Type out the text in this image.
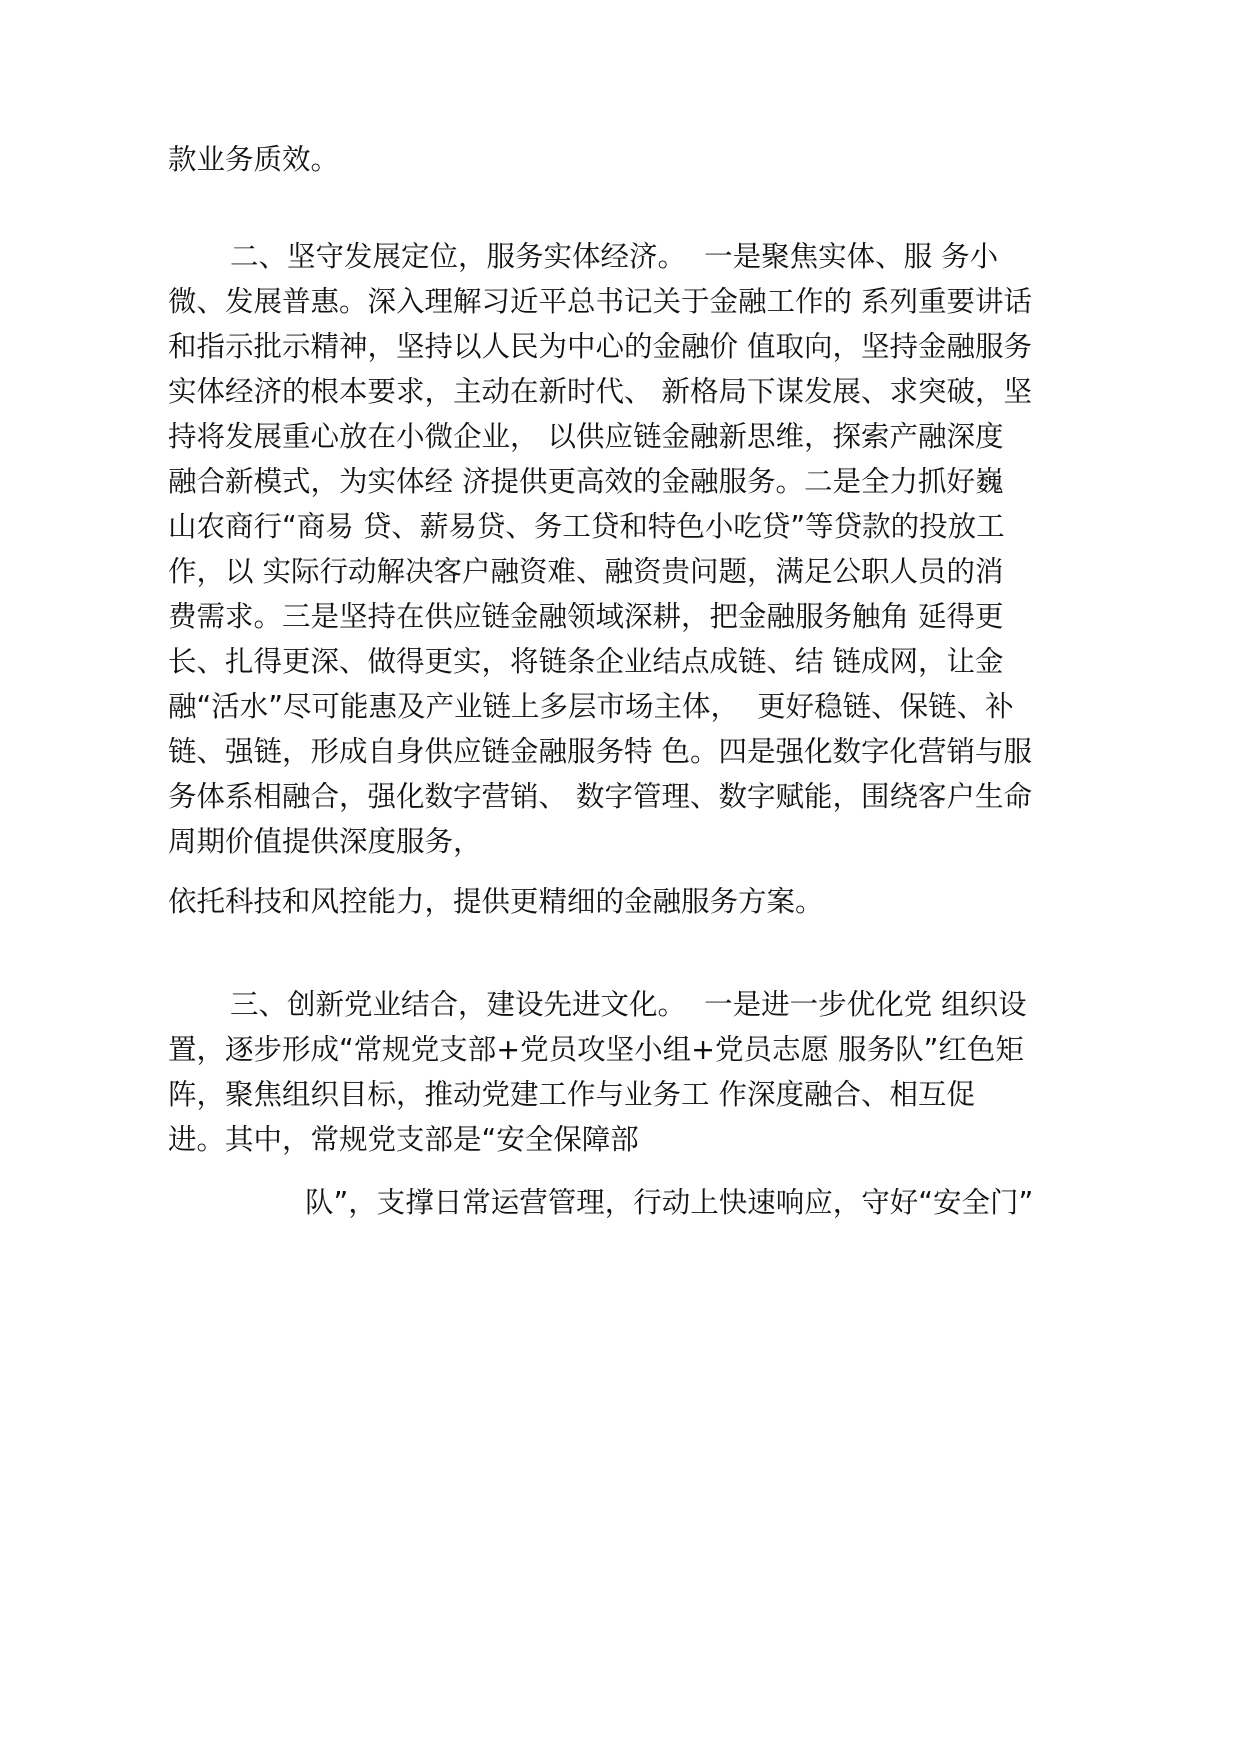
款业务质效。

二、坚守发展定位，服务实体经济。  一是聚焦实体、服 务小

微、发展普惠。深入理解习近平总书记关于金融工作的 系列重要讲话

和指示批示精神，坚持以人民为中心的金融价 值取向，坚持金融服务

实体经济的根本要求，主动在新时代、 新格局下谋发展、求突破，坚

持将发展重心放在小微企业， 以供应链金融新思维，探索产融深度

融合新模式，为实体经 济提供更高效的金融服务。二是全力抓好巍

山农商行“商易 贷、薪易贷、务工贷和特色小吃贷”等贷款的投放工

作，以 实际行动解决客户融资难、融资贵问题，满足公职人员的消

费需求。三是坚持在供应链金融领域深耕，把金融服务触角 延得更

长、扎得更深、做得更实，将链条企业结点成链、结 链成网，让金

融“活水”尽可能惠及产业链上多层市场主体，  更好稳链、保链、补

链、强链，形成自身供应链金融服务特 色。四是强化数字化营销与服

务体系相融合，强化数字营销、 数字管理、数字赋能，围绕客户生命

周期价值提供深度服务，

依托科技和风控能力，提供更精细的金融服务方案。

三、创新党业结合，建设先进文化。  一是进一步优化党 组织设

置，逐步形成“常规党支部+党员攻坚小组+党员志愿 服务队”红色矩

阵，聚焦组织目标，推动党建工作与业务工 作深度融合、相互促

进。其中，常规党支部是“安全保障部

队”，支撑日常运营管理，行动上快速响应，守好“安全门”
